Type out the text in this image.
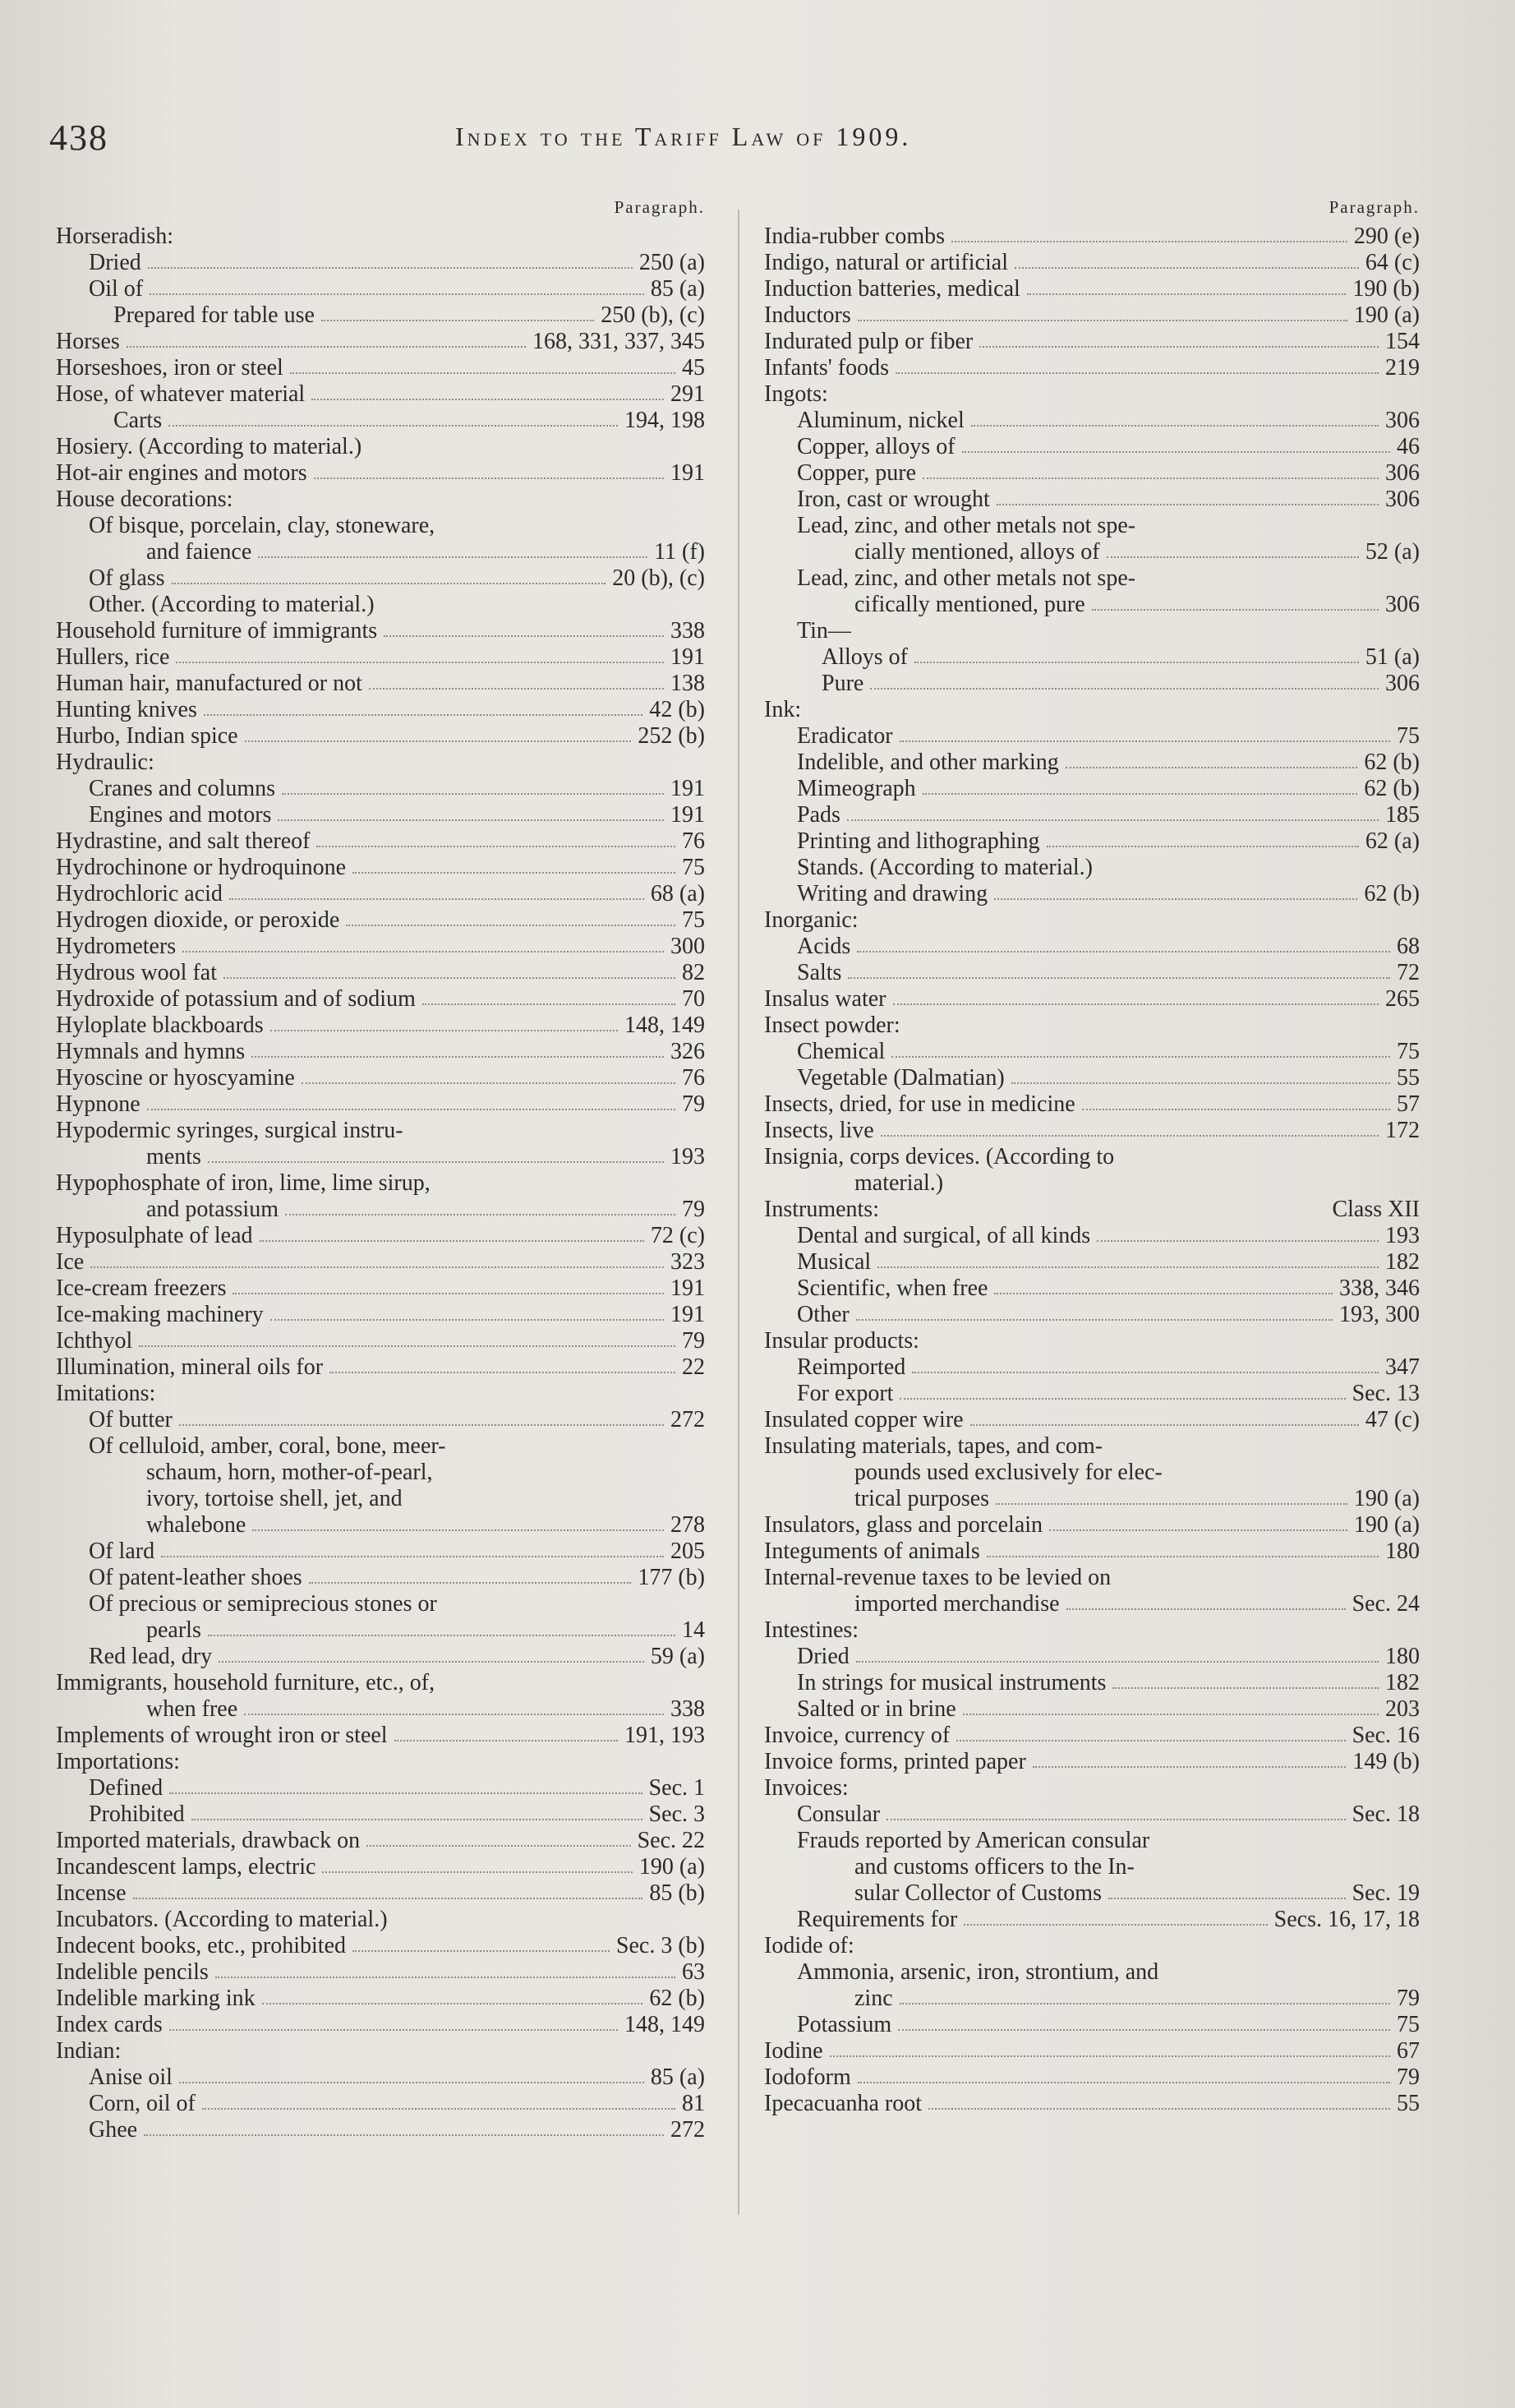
438	Index to the Tariff Law of 1909.
Paragraph.
Horseradish:
Dried	250 (a)
Oil of	85 (a)
Prepared for table use	250 (b), (c)
Horses	168, 331, 337, 345
Horseshoes, iron or steel	45
Hose, of whatever material	291
Carts	194, 198
Hosiery. (According to material.)
Hot-air engines and motors	191
House decorations:
Of bisque, porcelain, clay, stoneware,
and faience	11 (f)
Of glass	20 (b), (c)
Other. (According to material.)
Household furniture of immigrants	338
Hullers, rice	191
Human hair, manufactured or not	138
Hunting knives	42 (b)
Hurbo, Indian spice	252 (b)
Hydraulic:
Cranes and columns	191
Engines and motors	191
Hydrastine, and salt thereof	76
Hydrochinone or hydroquinone	75
Hydrochloric acid	68 (a)
Hydrogen dioxide, or peroxide	75
Hydrometers	300
Hydrous wool fat	82
Hydroxide of potassium and of sodium	70
Hyloplate blackboards	148, 149
Hymnals and hymns	326
Hyoscine or hyoscyamine	76
Hypnone	79
Hypodermic syringes, surgical instru-
ments	193
Hypophosphate of iron, lime, lime sirup,
and potassium	79
Hyposulphate of lead	72 (c)
Ice	323
Ice-cream freezers	191
Ice-making machinery	191
Ichthyol	79
Illumination, mineral oils for	22
Imitations:
Of butter	272
Of celluloid, amber, coral, bone, meer-
schaum, horn, mother-of-pearl,
ivory, tortoise shell, jet, and
whalebone	278
Of lard	205
Of patent-leather shoes	177 (b)
Of precious or semiprecious stones or
pearls	14
Red lead, dry	59 (a)
Immigrants, household furniture, etc., of,
when free	338
Implements of wrought iron or steel	191, 193
Importations:
Defined	Sec. 1
Prohibited	Sec. 3
Imported materials, drawback on	Sec. 22
Incandescent lamps, electric	190 (a)
Incense	85 (b)
Incubators. (According to material.)
Indecent books, etc., prohibited	Sec. 3 (b)
Indelible pencils	63
Indelible marking ink	62 (b)
Index cards	148, 149
Indian:
Anise oil	85 (a)
Corn, oil of	81
Ghee	272
Paragraph.
India-rubber combs	290 (e)
Indigo, natural or artificial	64 (c)
Induction batteries, medical	190 (b)
Inductors	190 (a)
Indurated pulp or fiber	154
Infants' foods	219
Ingots:
Aluminum, nickel	306
Copper, alloys of	46
Copper, pure	306
Iron, cast or wrought	306
Lead, zinc, and other metals not spe-
cially mentioned, alloys of	52 (a)
Lead, zinc, and other metals not spe-
cifically mentioned, pure	306
Tin—
Alloys of	51 (a)
Pure	306
Ink:
Eradicator	75
Indelible, and other marking	62 (b)
Mimeograph	62 (b)
Pads	185
Printing and lithographing	62 (a)
Stands. (According to material.)
Writing and drawing	62 (b)
Inorganic:
Acids	68
Salts	72
Insalus water	265
Insect powder:
Chemical	75
Vegetable (Dalmatian)	55
Insects, dried, for use in medicine	57
Insects, live	172
Insignia, corps devices. (According to
material.)
Instruments:	Class XII
Dental and surgical, of all kinds	193
Musical	182
Scientific, when free	338, 346
Other	193, 300
Insular products:
Reimported	347
For export	Sec. 13
Insulated copper wire	47 (c)
Insulating materials, tapes, and com-
pounds used exclusively for elec-
trical purposes	190 (a)
Insulators, glass and porcelain	190 (a)
Integuments of animals	180
Internal-revenue taxes to be levied on
imported merchandise	Sec. 24
Intestines:
Dried	180
In strings for musical instruments	182
Salted or in brine	203
Invoice, currency of	Sec. 16
Invoice forms, printed paper	149 (b)
Invoices:
Consular	Sec. 18
Frauds reported by American consular
and customs officers to the In-
sular Collector of Customs	Sec. 19
Requirements for	Secs. 16, 17, 18
Iodide of:
Ammonia, arsenic, iron, strontium, and
zinc	79
Potassium	75
Iodine	67
Iodoform	79
Ipecacuanha root	55
